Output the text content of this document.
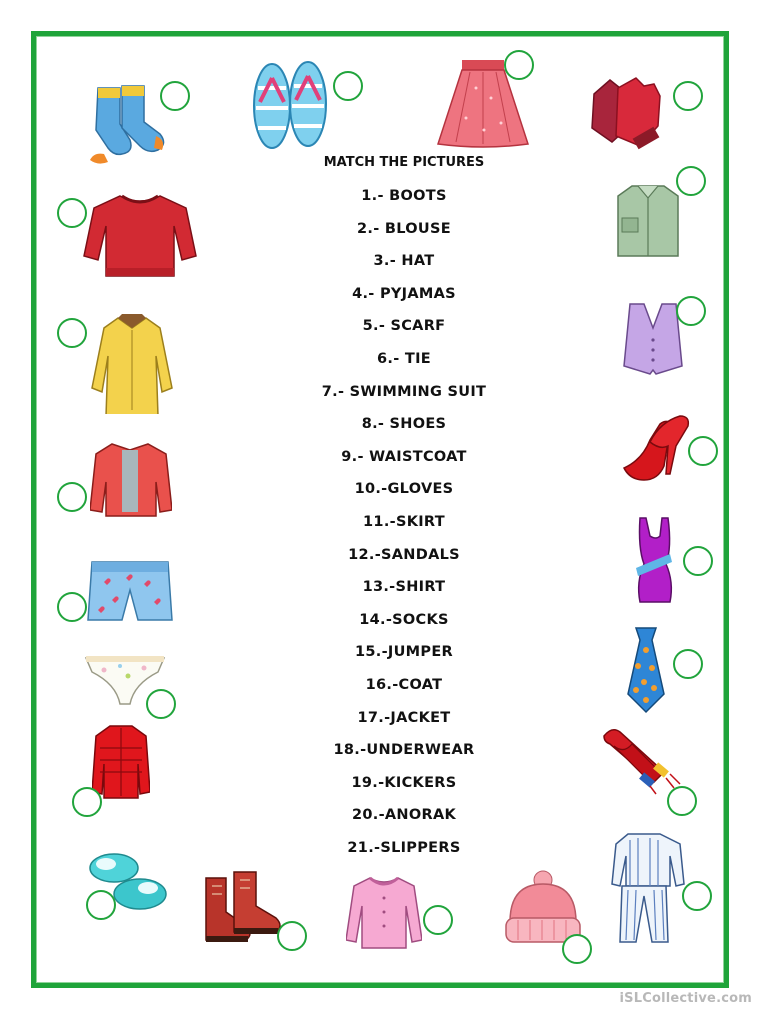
MATCH THE PICTURES
1.- BOOTS
2.- BLOUSE
3.- HAT
4.- PYJAMAS
5.- SCARF
6.- TIE
7.- SWIMMING SUIT
8.- SHOES
9.- WAISTCOAT
10.-GLOVES
11.-SKIRT
12.-SANDALS
13.-SHIRT
14.-SOCKS
15.-JUMPER
16.-COAT
17.-JACKET
18.-UNDERWEAR
19.-KICKERS
20.-ANORAK
21.-SLIPPERS
iSLCollective.com
